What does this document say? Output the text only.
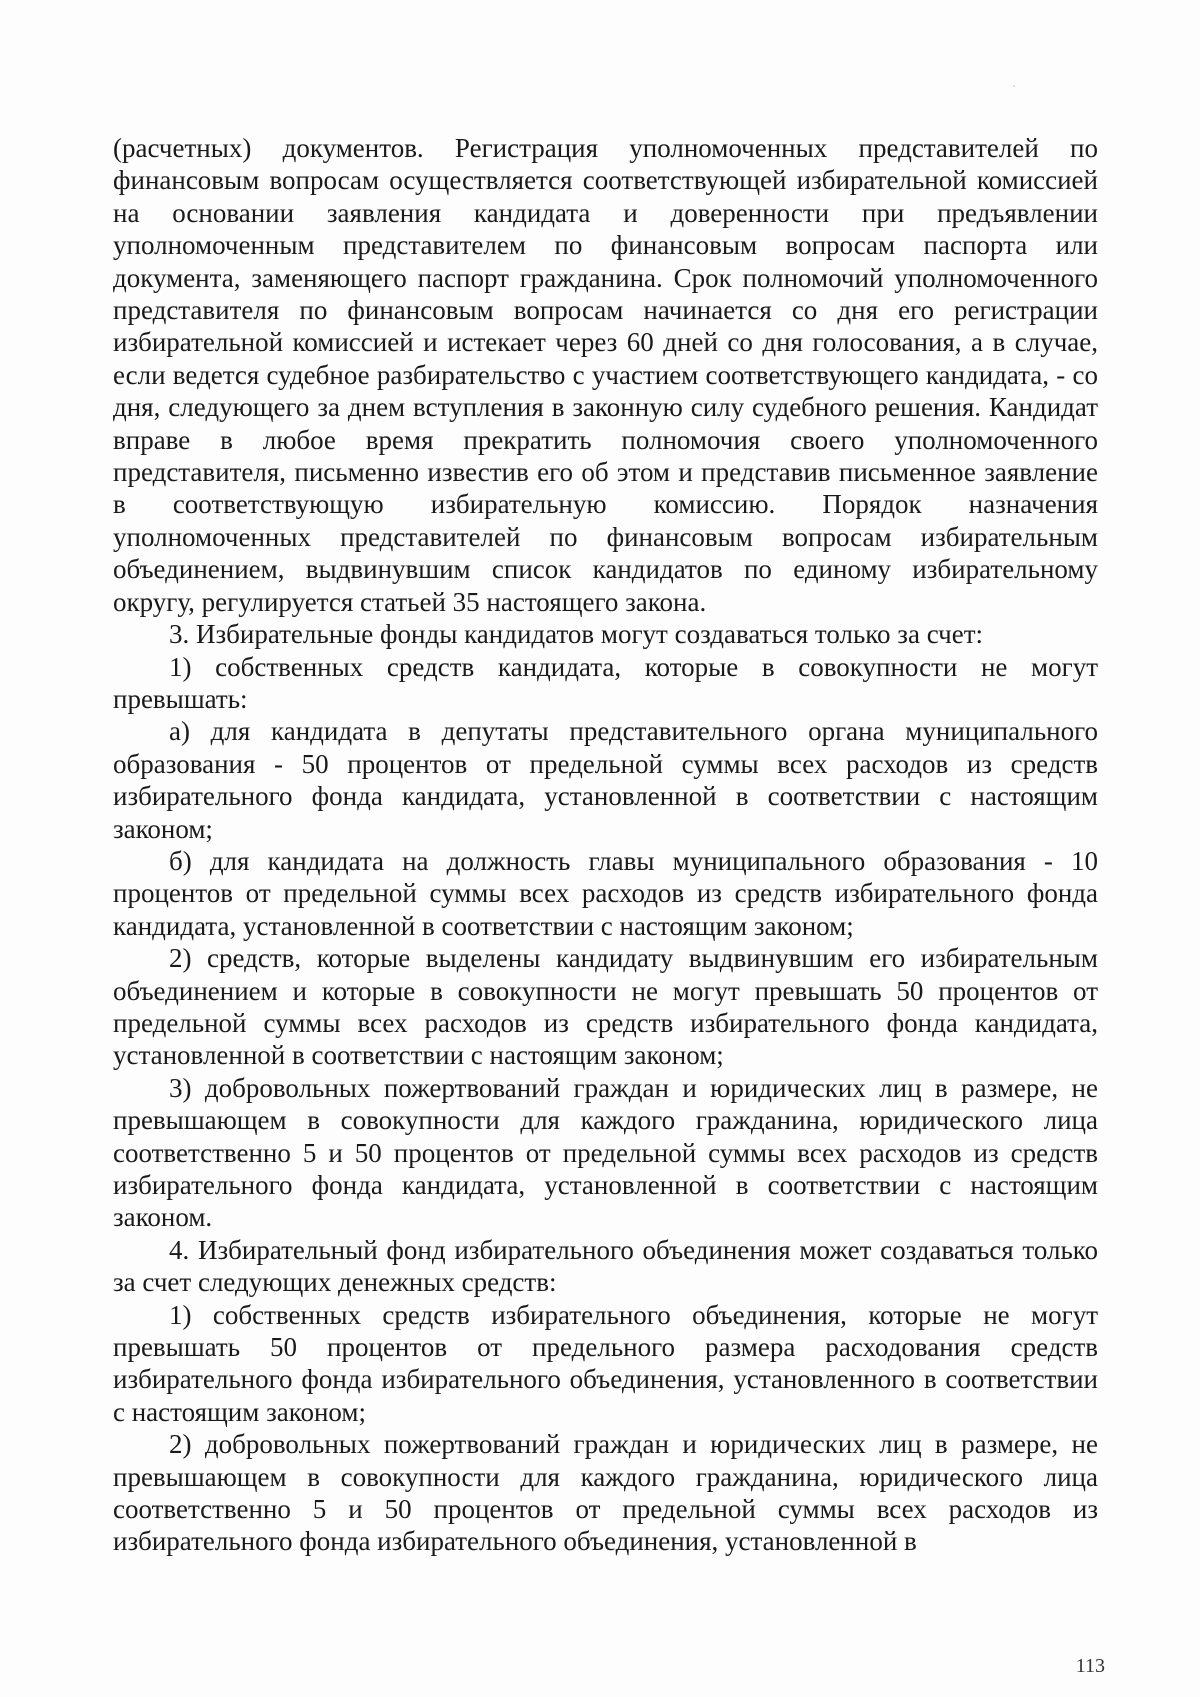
(расчетных) документов. Регистрация уполномоченных представителей по финансовым вопросам осуществляется соответствующей избирательной комиссией на основании заявления кандидата и доверенности при предъявлении уполномоченным представителем по финансовым вопросам паспорта или документа, заменяющего паспорт гражданина. Срок полномочий уполномоченного представителя по финансовым вопросам начинается со дня его регистрации избирательной комиссией и истекает через 60 дней со дня голосования, а в случае, если ведется судебное разбирательство с участием соответствующего кандидата, - со дня, следующего за днем вступления в законную силу судебного решения. Кандидат вправе в любое время прекратить полномочия своего уполномоченного представителя, письменно известив его об этом и представив письменное заявление в соответствующую избирательную комиссию. Порядок назначения уполномоченных представителей по финансовым вопросам избирательным объединением, выдвинувшим список кандидатов по единому избирательному округу, регулируется статьей 35 настоящего закона.

3. Избирательные фонды кандидатов могут создаваться только за счет:

1) собственных средств кандидата, которые в совокупности не могут превышать:

а) для кандидата в депутаты представительного органа муниципального образования - 50 процентов от предельной суммы всех расходов из средств избирательного фонда кандидата, установленной в соответствии с настоящим законом;

б) для кандидата на должность главы муниципального образования - 10 процентов от предельной суммы всех расходов из средств избирательного фонда кандидата, установленной в соответствии с настоящим законом;

2) средств, которые выделены кандидату выдвинувшим его избирательным объединением и которые в совокупности не могут превышать 50 процентов от предельной суммы всех расходов из средств избирательного фонда кандидата, установленной в соответствии с настоящим законом;

3) добровольных пожертвований граждан и юридических лиц в размере, не превышающем в совокупности для каждого гражданина, юридического лица соответственно 5 и 50 процентов от предельной суммы всех расходов из средств избирательного фонда кандидата, установленной в соответствии с настоящим законом.

4. Избирательный фонд избирательного объединения может создаваться только за счет следующих денежных средств:

1) собственных средств избирательного объединения, которые не могут превышать 50 процентов от предельного размера расходования средств избирательного фонда избирательного объединения, установленного в соответствии с настоящим законом;

2) добровольных пожертвований граждан и юридических лиц в размере, не превышающем в совокупности для каждого гражданина, юридического лица соответственно 5 и 50 процентов от предельной суммы всех расходов из избирательного фонда избирательного объединения, установленной в

113
